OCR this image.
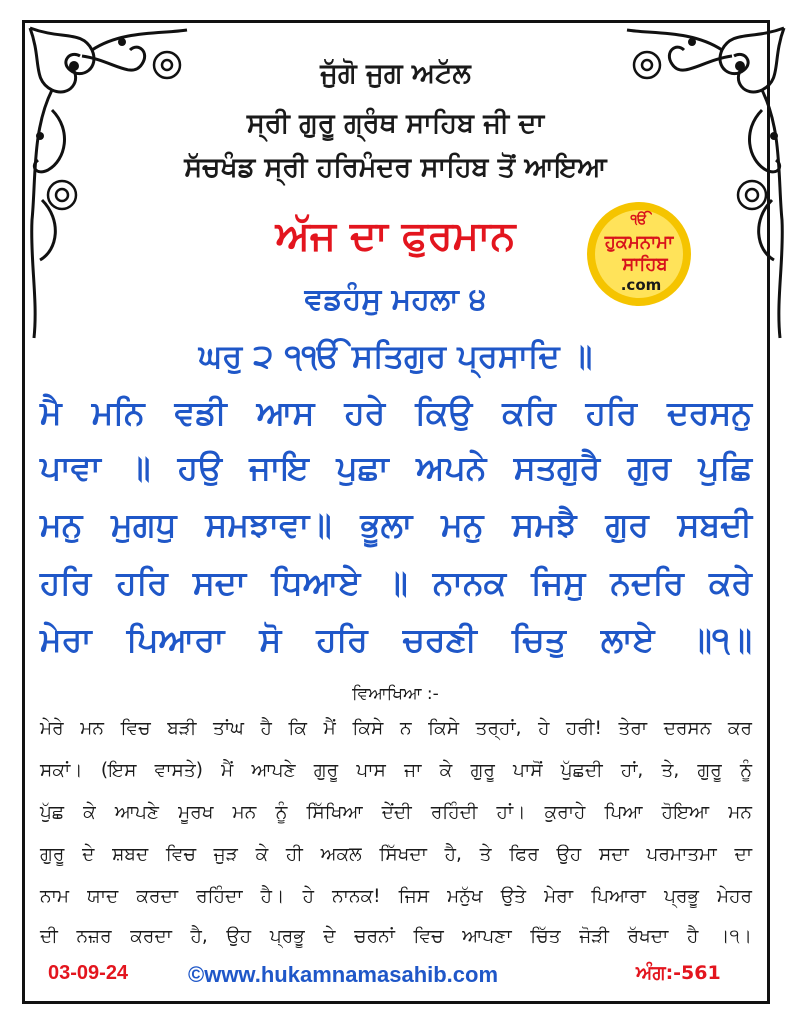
ਜੁੱਗੋ ਜੁਗ ਅਟੱਲ
ਸ੍ਰੀ ਗੁਰੂ ਗ੍ਰੰਥ ਸਾਹਿਬ ਜੀ ਦਾ
ਸੱਚਖੰਡ ਸ੍ਰੀ ਹਰਿਮੰਦਰ ਸਾਹਿਬ ਤੋਂ ਆਇਆ
ਅੱਜ ਦਾ ਫੁਰਮਾਨ	ੴ
ਹੁਕਮਨਾਮਾ
ਸਾਹਿਬ
.com
ਵਡਹੰਸੁ ਮਹਲਾ ੪
ਘਰੁ ੨ ੧ੴ ਸਤਿਗੁਰ ਪ੍ਰਸਾਦਿ ॥
ਮੈ ਮਨਿ ਵਡੀ ਆਸ ਹਰੇ ਕਿਉ ਕਰਿ ਹਰਿ ਦਰਸਨੁ
ਪਾਵਾ ॥ ਹਉ ਜਾਇ ਪੁਛਾ ਅਪਨੇ ਸਤਗੁਰੈ ਗੁਰ ਪੁਛਿ
ਮਨੁ ਮੁਗਧੁ ਸਮਝਾਵਾ॥ ਭੂਲਾ ਮਨੁ ਸਮਝੈ ਗੁਰ ਸਬਦੀ
ਹਰਿ ਹਰਿ ਸਦਾ ਧਿਆਏ ॥ ਨਾਨਕ ਜਿਸੁ ਨਦਰਿ ਕਰੇ
ਮੇਰਾ ਪਿਆਰਾ ਸੋ ਹਰਿ ਚਰਣੀ ਚਿਤੁ ਲਾਏ ॥੧॥
ਵਿਆਖਿਆ :-
ਮੇਰੇ ਮਨ ਵਿਚ ਬੜੀ ਤਾਂਘ ਹੈ ਕਿ ਮੈਂ ਕਿਸੇ ਨ ਕਿਸੇ ਤਰ੍ਹਾਂ, ਹੇ ਹਰੀ! ਤੇਰਾ ਦਰਸਨ ਕਰ
ਸਕਾਂ। (ਇਸ ਵਾਸਤੇ) ਮੈਂ ਆਪਣੇ ਗੁਰੂ ਪਾਸ ਜਾ ਕੇ ਗੁਰੂ ਪਾਸੋਂ ਪੁੱਛਦੀ ਹਾਂ, ਤੇ, ਗੁਰੂ ਨੂੰ
ਪੁੱਛ ਕੇ ਆਪਣੇ ਮੂਰਖ ਮਨ ਨੂੰ ਸਿੱਖਿਆ ਦੇਂਦੀ ਰਹਿੰਦੀ ਹਾਂ। ਕੁਰਾਹੇ ਪਿਆ ਹੋਇਆ ਮਨ
ਗੁਰੂ ਦੇ ਸ਼ਬਦ ਵਿਚ ਜੁੜ ਕੇ ਹੀ ਅਕਲ ਸਿੱਖਦਾ ਹੈ, ਤੇ ਫਿਰ ਉਹ ਸਦਾ ਪਰਮਾਤਮਾ ਦਾ
ਨਾਮ ਯਾਦ ਕਰਦਾ ਰਹਿੰਦਾ ਹੈ। ਹੇ ਨਾਨਕ! ਜਿਸ ਮਨੁੱਖ ਉਤੇ ਮੇਰਾ ਪਿਆਰਾ ਪ੍ਰਭੂ ਮੇਹਰ
ਦੀ ਨਜ਼ਰ ਕਰਦਾ ਹੈ, ਉਹ ਪ੍ਰਭੂ ਦੇ ਚਰਨਾਂ ਵਿਚ ਆਪਣਾ ਚਿੱਤ ਜੋੜੀ ਰੱਖਦਾ ਹੈ ।੧।
03-09-24	©www.hukamnamasahib.com	ਅੰਗ:-561
